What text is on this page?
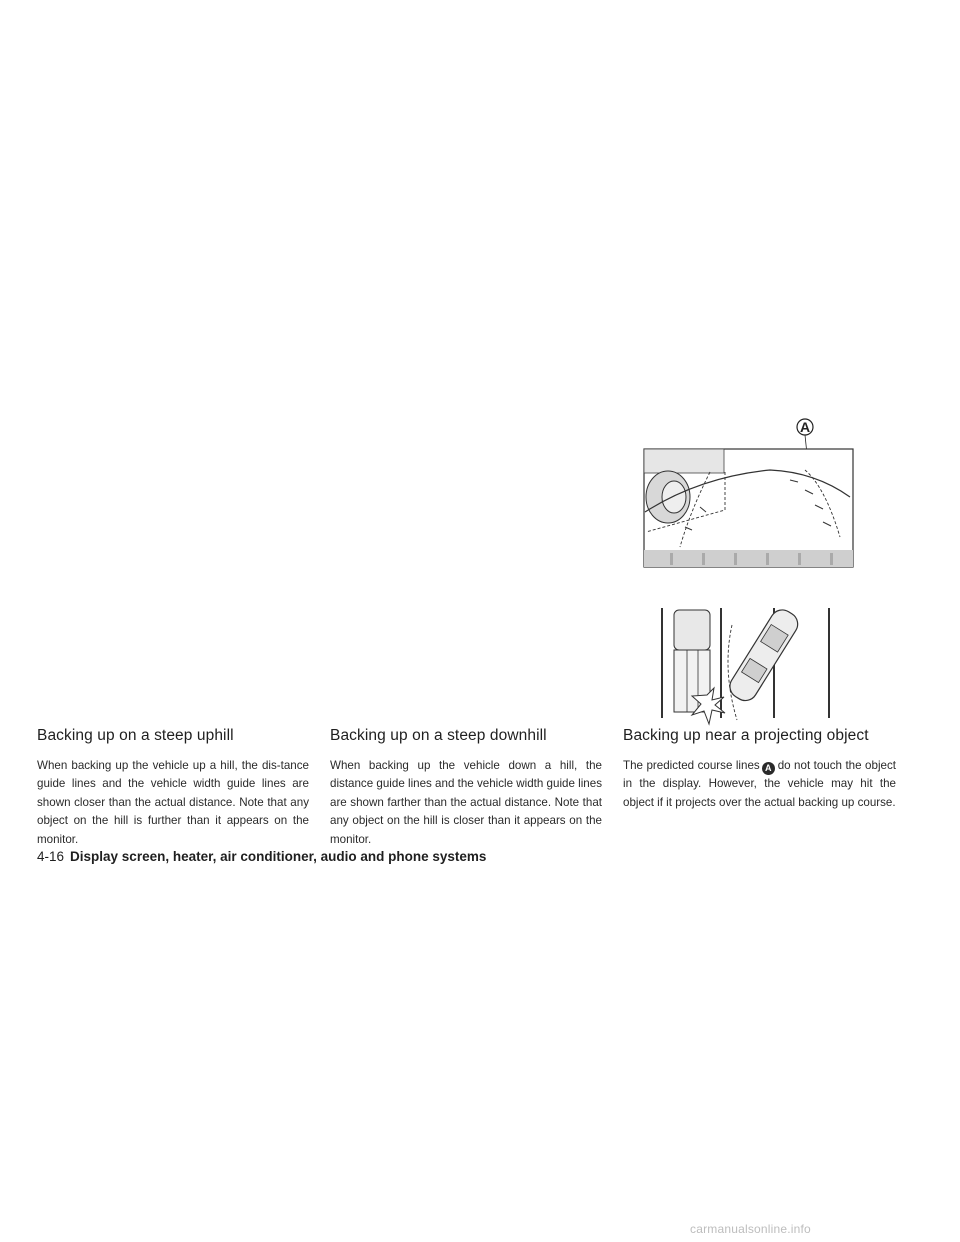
A
Backing up on a steep uphill

When backing up the vehicle up a hill, the dis-tance guide lines and the vehicle width guide lines are shown closer than the actual distance. Note that any object on the hill is further than it appears on the monitor.

Backing up on a steep downhill

When backing up the vehicle down a hill, the distance guide lines and the vehicle width guide lines are shown farther than the actual distance. Note that any object on the hill is closer than it appears on the monitor.

Backing up near a projecting object

The predicted course lines A do not touch the object in the display. However, the vehicle may hit the object if it projects over the actual backing up course.

4-16 Display screen, heater, air conditioner, audio and phone systems
carmanualsonline.info
